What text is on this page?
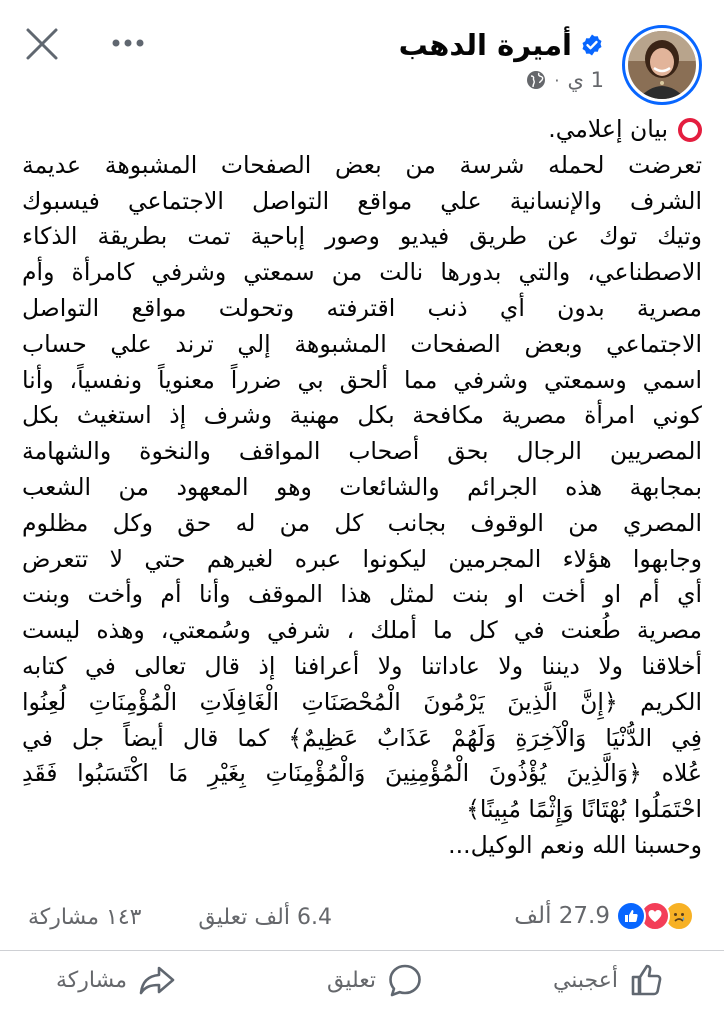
أميرة الدهب
1 ي
·
بيان إعلامي.
تعرضت لحمله شرسة من بعض الصفحات المشبوهة عديمة
الشرف والإنسانية علي مواقع التواصل الاجتماعي فيسبوك
وتيك توك عن طريق فيديو وصور إباحية تمت بطريقة الذكاء
الاصطناعي، والتي بدورها نالت من سمعتي وشرفي كامرأة وأم
مصرية بدون أي ذنب اقترفته وتحولت مواقع التواصل
الاجتماعي وبعض الصفحات المشبوهة إلي ترند علي حساب
اسمي وسمعتي وشرفي مما ألحق بي ضرراً معنوياً ونفسياً، وأنا
كوني امرأة مصرية مكافحة بكل مهنية وشرف إذ استغيث بكل
المصريين الرجال بحق أصحاب المواقف والنخوة والشهامة
بمجابهة هذه الجرائم والشائعات وهو المعهود من الشعب
المصري من الوقوف بجانب كل من له حق وكل مظلوم
وجابهوا هؤلاء المجرمين ليكونوا عبره لغيرهم حتي لا تتعرض
أي أم او أخت او بنت لمثل هذا الموقف وأنا أم وأخت وبنت
مصرية طُعنت في كل ما أملك ، شرفي وسُمعتي، وهذه ليست
أخلاقنا ولا ديننا ولا عاداتنا ولا أعرافنا إذ قال تعالى في كتابه
الكريم ﴿إِنَّ الَّذِينَ يَرْمُونَ الْمُحْصَنَاتِ الْغَافِلَاتِ الْمُؤْمِنَاتِ لُعِنُوا
فِي الدُّنْيَا وَالْآخِرَةِ وَلَهُمْ عَذَابٌ عَظِيمٌ﴾ كما قال أيضاً جل في
عُلاه ﴿وَالَّذِينَ يُؤْذُونَ الْمُؤْمِنِينَ وَالْمُؤْمِنَاتِ بِغَيْرِ مَا اكْتَسَبُوا فَقَدِ
احْتَمَلُوا بُهْتَانًا وَإِثْمًا مُبِينًا﴾
وحسبنا الله ونعم الوكيل...
27.9 ألف
6.4 ألف تعليق
١٤٣ مشاركة
أعجبني
تعليق
مشاركة
